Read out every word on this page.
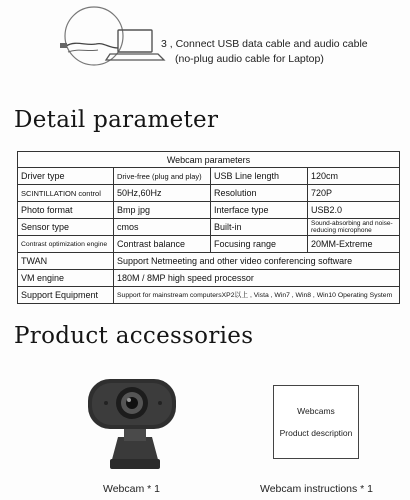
3 , Connect USB data cable and audio cable
(no-plug audio cable for Laptop)
Detail parameter
Webcam parameters			
Driver type	Drive-free (plug and play)	USB Line length	120cm
SCINTILLATION control	50Hz,60Hz	Resolution	720P
Photo format	Bmp jpg	Interface type	USB2.0
Sensor type	cmos	Built-in	Sound-absorbing and noise-reducing microphone
Contrast optimization engine	Contrast balance	Focusing range	20MM-Extreme
TWAN	Support Netmeeting and other video conferencing software		
VM engine	180M / 8MP high speed processor		
Support Equipment	Support for mainstream computersXP2以上 , Vista , Win7 , Win8 , Win10 Operating System		
Product accessories
Webcams
Product description
Webcam * 1	Webcam instructions * 1
